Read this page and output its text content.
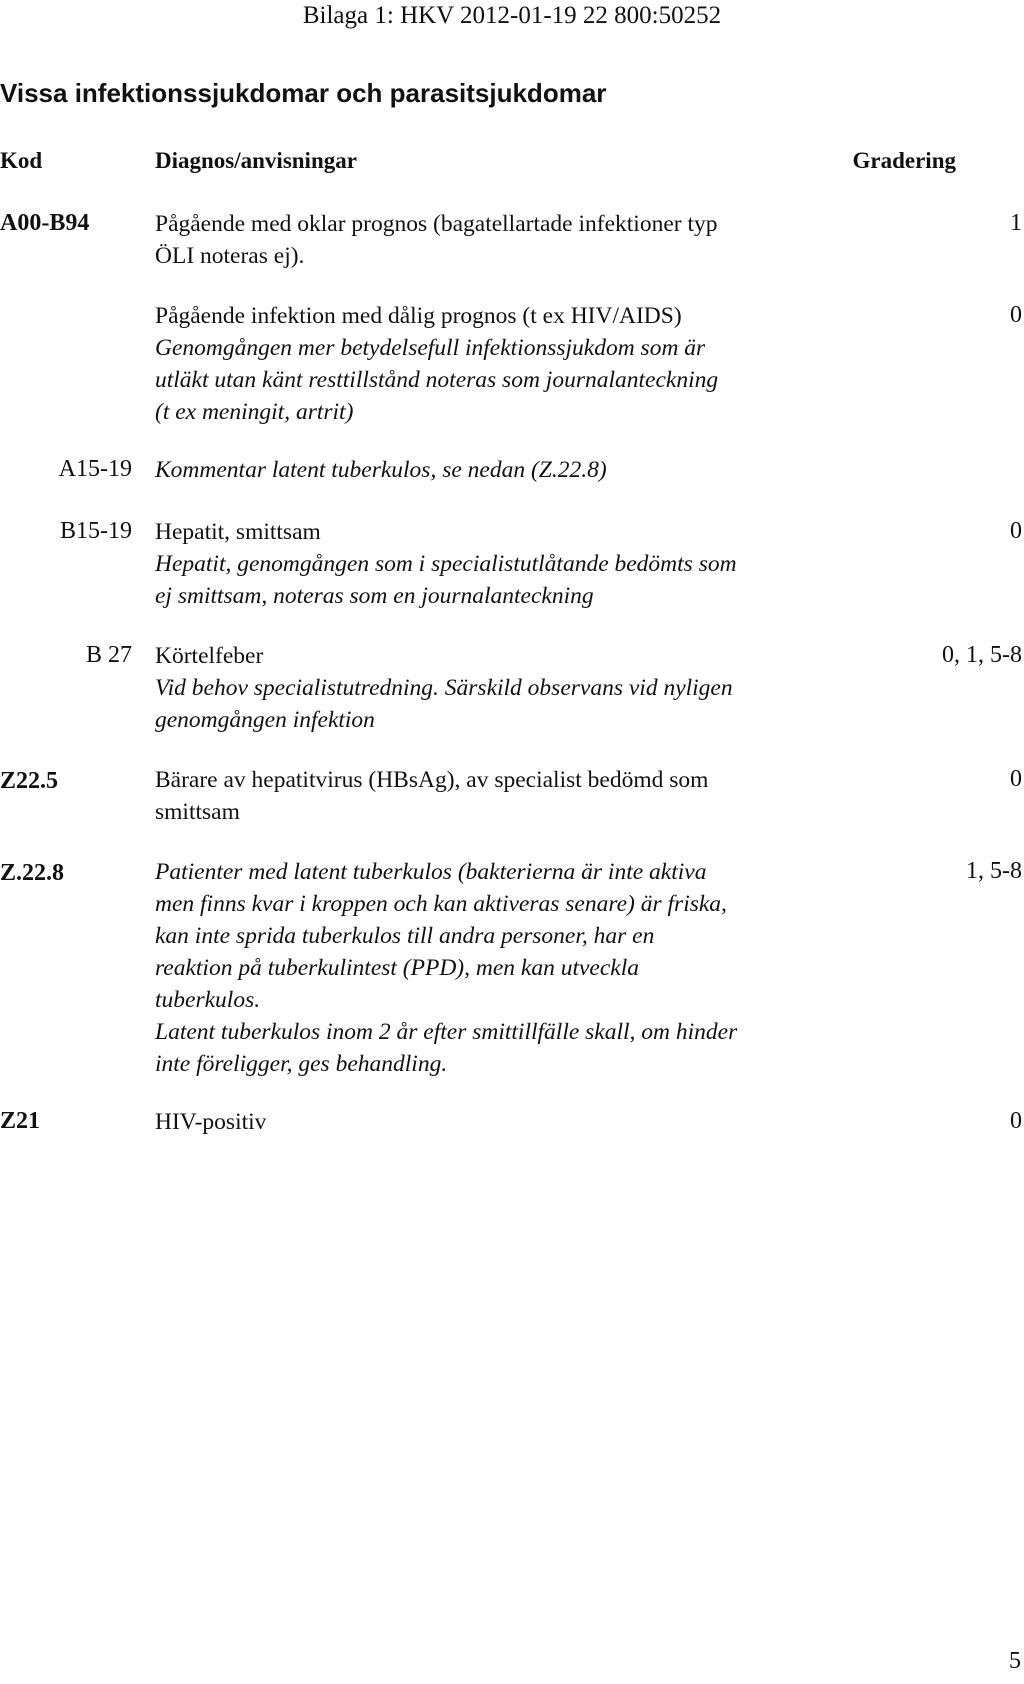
Bilaga 1: HKV 2012-01-19 22 800:50252
Vissa infektionssjukdomar och parasitsjukdomar
Kod	Diagnos/anvisningar	Gradering
A00-B94	Pågående med oklar prognos (bagatellartade infektioner typ
ÖLI noteras ej).
1
Pågående infektion med dålig prognos (t ex HIV/AIDS)
Genomgången mer betydelsefull infektionssjukdom som är
utläkt utan känt resttillstånd noteras som journalanteckning
(t ex meningit, artrit)
0
A15-19 Kommentar latent tuberkulos, se nedan (Z.22.8)
B15-19 Hepatit, smittsam
Hepatit, genomgången som i specialistutlåtande bedömts som
ej smittsam, noteras som en journalanteckning
0
B 27 Körtelfeber
Vid behov specialistutredning. Särskild observans vid nyligen
genomgången infektion
0, 1, 5-8
Z22.5	Bärare av hepatitvirus (HBsAg), av specialist bedömd som
smittsam
0
Z.22.8	Patienter med latent tuberkulos (bakterierna är inte aktiva
men finns kvar i kroppen och kan aktiveras senare) är friska,
kan inte sprida tuberkulos till andra personer, har en
reaktion på tuberkulintest (PPD), men kan utveckla
tuberkulos.
Latent tuberkulos inom 2 år efter smittillfälle skall, om hinder
inte föreligger, ges behandling.
1, 5-8
Z21	HIV-positiv	0
5
